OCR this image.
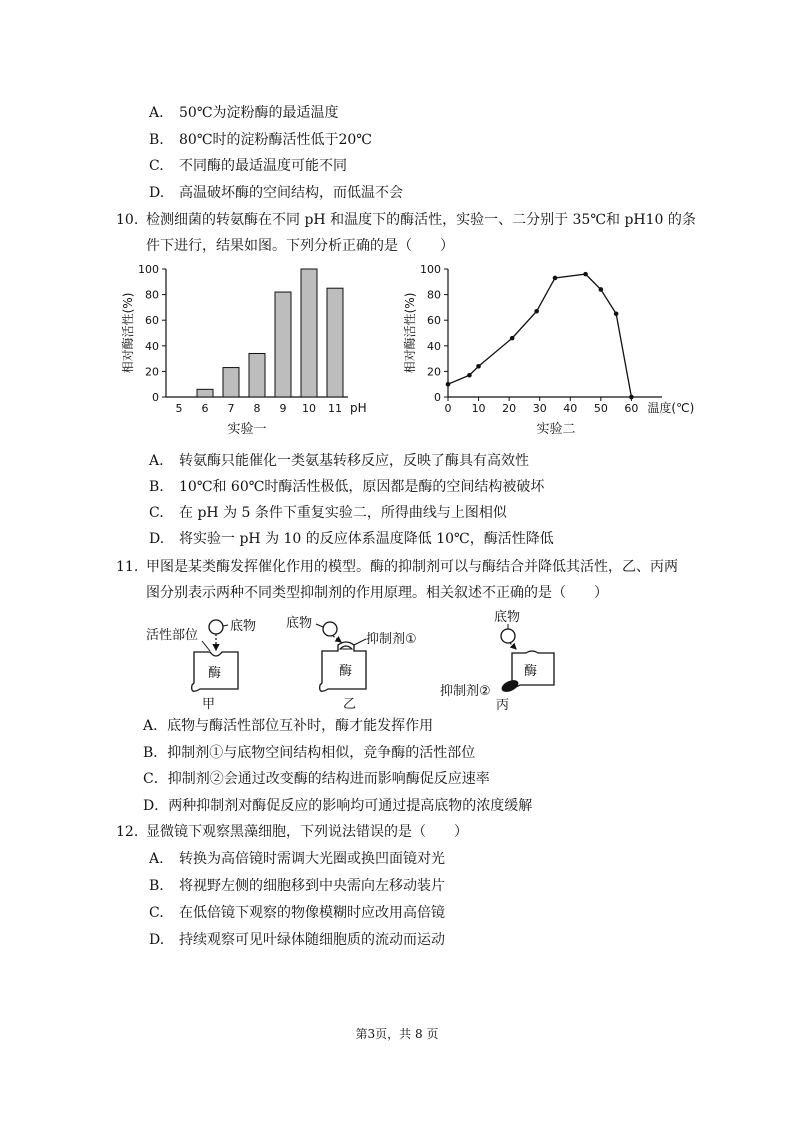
A. 50℃为淀粉酶的最适温度
B. 80℃时的淀粉酶活性低于20℃
C. 不同酶的最适温度可能不同
D. 高温破坏酶的空间结构，而低温不会
10. 检测细菌的转氨酶在不同 pH 和温度下的酶活性，实验一、二分别于 35℃和 pH10 的条
件下进行，结果如图。下列分析正确的是（　　）
0
20
40
60
80
100
5 6 7 8 9 10 11 pH
实验一
相对酶活性(%)
0
20
40
60
80
100
0 10 20 30 40 50 60 温度(℃)
实验二
相对酶活性(%)
A. 转氨酶只能催化一类氨基转移反应，反映了酶具有高效性
B. 10℃和 60℃时酶活性极低，原因都是酶的空间结构被破坏
C. 在 pH 为 5 条件下重复实验二，所得曲线与上图相似
D. 将实验一 pH 为 10 的反应体系温度降低 10℃，酶活性降低
11. 甲图是某类酶发挥催化作用的模型。酶的抑制剂可以与酶结合并降低其活性，乙、丙两
图分别表示两种不同类型抑制剂的作用原理。相关叙述不正确的是（　　）
活性部位
底物
酶
甲
底物
抑制剂①
酶
乙
底物
酶
抑制剂②
丙
A．底物与酶活性部位互补时，酶才能发挥作用
B．抑制剂①与底物空间结构相似，竞争酶的活性部位
C．抑制剂②会通过改变酶的结构进而影响酶促反应速率
D．两种抑制剂对酶促反应的影响均可通过提高底物的浓度缓解
12. 显微镜下观察黑藻细胞，下列说法错误的是（　　）
A. 转换为高倍镜时需调大光圈或换凹面镜对光
B. 将视野左侧的细胞移到中央需向左移动装片
C. 在低倍镜下观察的物像模糊时应改用高倍镜
D. 持续观察可见叶绿体随细胞质的流动而运动
第3页，共 8 页
